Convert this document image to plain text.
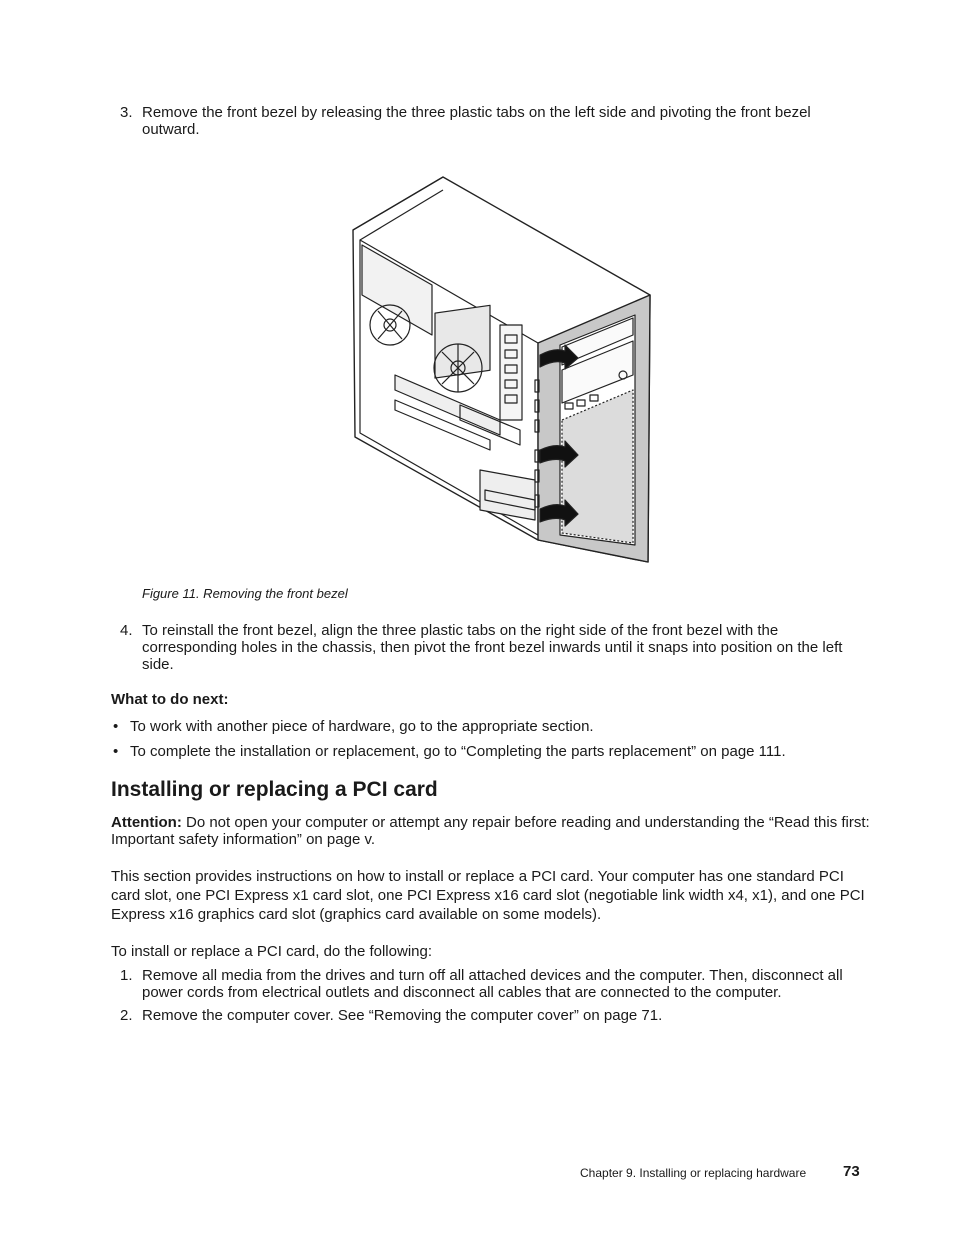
3. Remove the front bezel by releasing the three plastic tabs on the left side and pivoting the front bezel outward.
Figure 11. Removing the front bezel
4. To reinstall the front bezel, align the three plastic tabs on the right side of the front bezel with the corresponding holes in the chassis, then pivot the front bezel inwards until it snaps into position on the left side.
What to do next:
• To work with another piece of hardware, go to the appropriate section.
• To complete the installation or replacement, go to “Completing the parts replacement” on page 111.
Installing or replacing a PCI card
Attention: Do not open your computer or attempt any repair before reading and understanding the “Read this first: Important safety information” on page v.
This section provides instructions on how to install or replace a PCI card. Your computer has one standard PCI card slot, one PCI Express x1 card slot, one PCI Express x16 card slot (negotiable link width x4, x1), and one PCI Express x16 graphics card slot (graphics card available on some models).
To install or replace a PCI card, do the following:
1. Remove all media from the drives and turn off all attached devices and the computer. Then, disconnect all power cords from electrical outlets and disconnect all cables that are connected to the computer.
2. Remove the computer cover. See “Removing the computer cover” on page 71.
Chapter 9. Installing or replacing hardware 73
